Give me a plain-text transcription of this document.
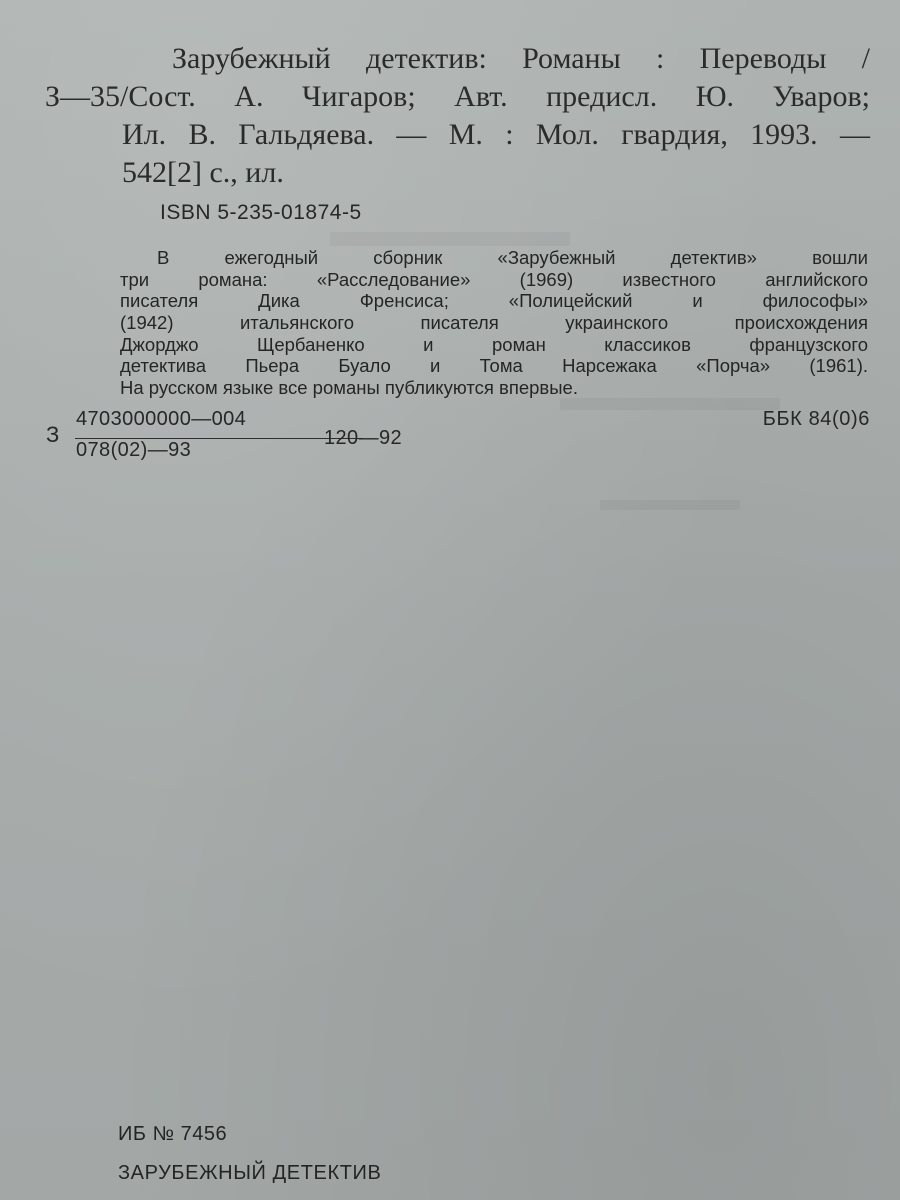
Зарубежный детектив: Романы : Переводы /
З—35/Сост. А. Чигаров; Авт. предисл. Ю. Уваров;
Ил. В. Гальдяева. — М. : Мол. гвардия, 1993. —
542[2] с., ил.
ISBN 5-235-01874-5
В ежегодный сборник «Зарубежный детектив» вошли
три романа: «Расследование» (1969) известного английского
писателя Дика Френсиса; «Полицейский и философы»
(1942) итальянского писателя украинского происхождения
Джорджо Щербаненко и роман классиков французского
детектива Пьера Буало и Тома Нарсежака «Порча» (1961).
На русском языке все романы публикуются впервые.
З
4703000000—004
078(02)—93
120—92
ББК 84(0)6
ИБ № 7456
ЗАРУБЕЖНЫЙ ДЕТЕКТИВ
